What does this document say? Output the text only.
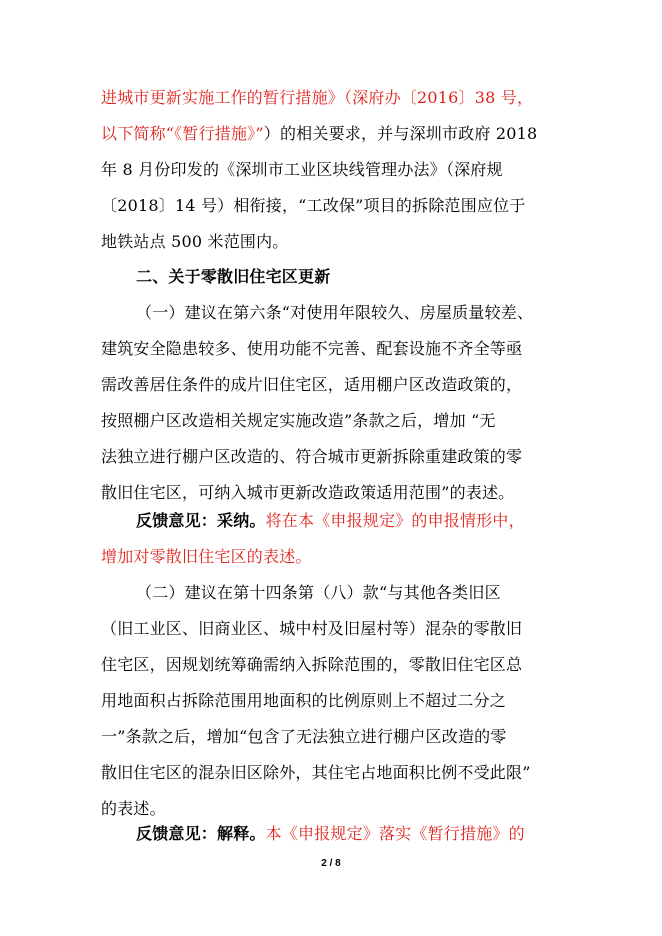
进城市更新实施工作的暂行措施》（深府办〔2016〕38 号，
以下简称“《暂行措施》”）的相关要求，并与深圳市政府 2018
年 8 月份印发的《深圳市工业区块线管理办法》（深府规
〔2018〕14 号）相衔接，“工改保”项目的拆除范围应位于
地铁站点 500 米范围内。
二、关于零散旧住宅区更新
（一）建议在第六条“对使用年限较久、房屋质量较差、
建筑安全隐患较多、使用功能不完善、配套设施不齐全等亟
需改善居住条件的成片旧住宅区，适用棚户区改造政策的，
按照棚户区改造相关规定实施改造”条款之后，增加 “无
法独立进行棚户区改造的、符合城市更新拆除重建政策的零
散旧住宅区，可纳入城市更新改造政策适用范围”的表述。
反馈意见：采纳。将在本《申报规定》的申报情形中，
增加对零散旧住宅区的表述。
（二）建议在第十四条第（八）款“与其他各类旧区
（旧工业区、旧商业区、城中村及旧屋村等）混杂的零散旧
住宅区，因规划统筹确需纳入拆除范围的，零散旧住宅区总
用地面积占拆除范围用地面积的比例原则上不超过二分之
一”条款之后，增加“包含了无法独立进行棚户区改造的零
散旧住宅区的混杂旧区除外，其住宅占地面积比例不受此限”
的表述。
反馈意见：解释。本《申报规定》落实《暂行措施》的
2 / 8
